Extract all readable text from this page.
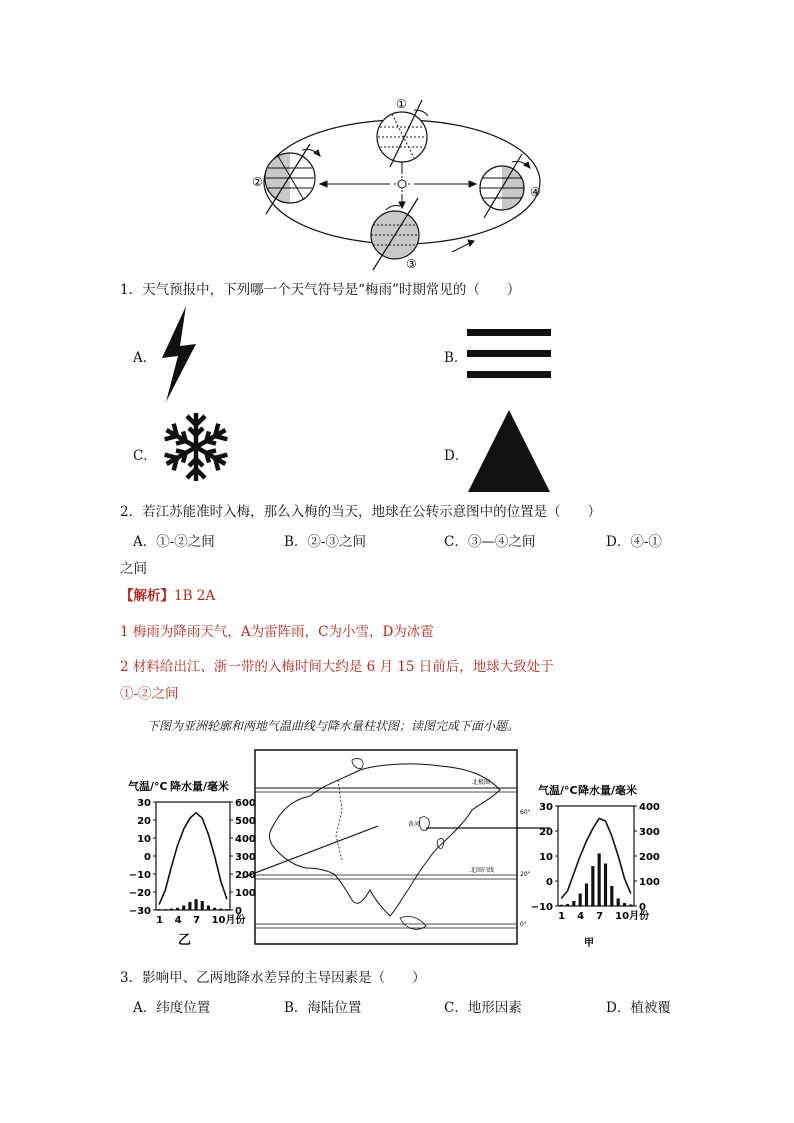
①
②
③
④
1．天气预报中，下列哪一个天气符号是“梅雨”时期常见的（　　）
A．	B．
C．	D．
2．若江苏能准时入梅，那么入梅的当天，地球在公转示意图中的位置是（　　）
A．①-②之间	B．②-③之间	C．③—④之间	D．④-①
之间
【解析】1B 2A
1 梅雨为降雨天气，A为雷阵雨，C为小雪，D为冰雹
2 材料给出江、浙一带的入梅时间大约是 6 月 15 日前后，地球大致处于
①-②之间
下图为亚洲轮廓和两地气温曲线与降水量柱状图；读图完成下面小题。
北极圈
黄河
北回归线
60°
20°
0°
气温/°C 降水量/毫米
乙
30
20
10
0
−10
−20
−30
600
500
400
300
200
100
0
1 4 7 10月份
气温/°C 降水量/毫米
甲
30
20
10
0
−10
400
300
200
100
0
1 4 7 10月份
3．影响甲、乙两地降水差异的主导因素是（　　）
A．纬度位置	B．海陆位置	C．地形因素	D．植被覆
